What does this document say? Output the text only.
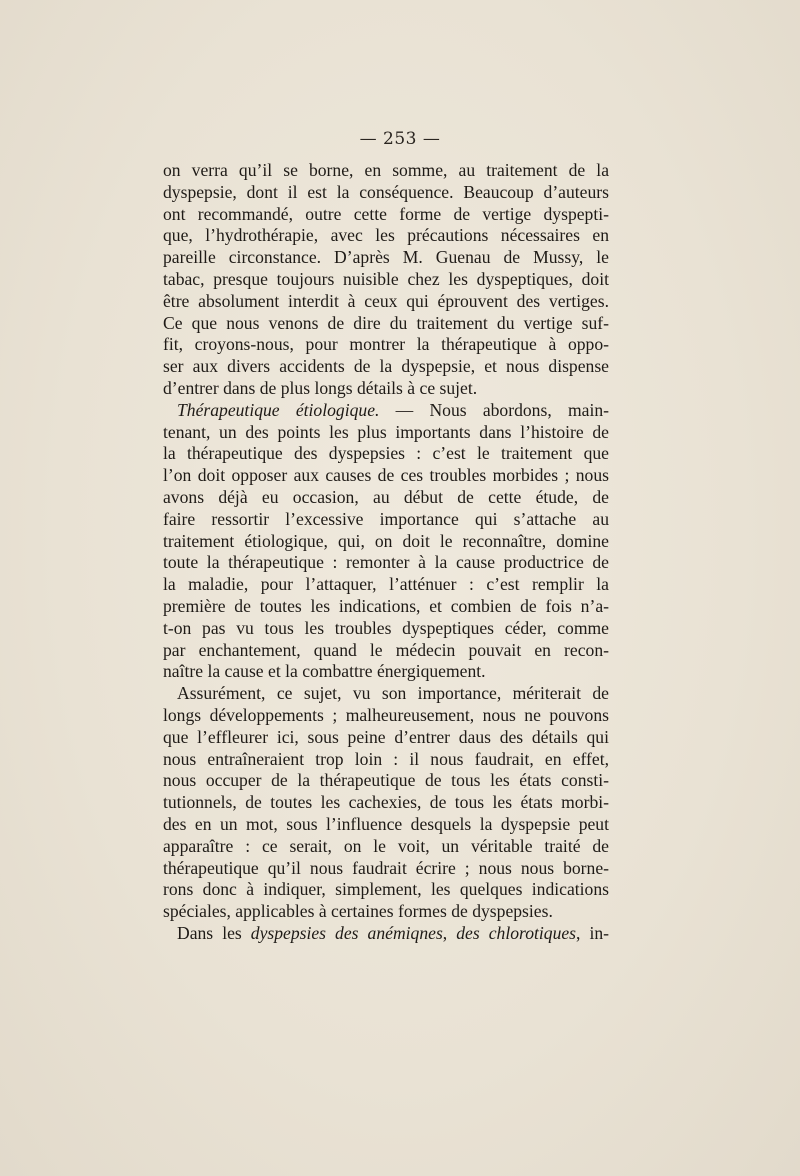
— 253 —
on verra qu’il se borne, en somme, au traitement de la
dyspepsie, dont il est la conséquence. Beaucoup d’auteurs
ont recommandé, outre cette forme de vertige dyspepti-
que, l’hydrothérapie, avec les précautions nécessaires en
pareille circonstance. D’après M. Guenau de Mussy, le
tabac, presque toujours nuisible chez les dyspeptiques, doit
être absolument interdit à ceux qui éprouvent des vertiges.
Ce que nous venons de dire du traitement du vertige suf-
fit, croyons-nous, pour montrer la thérapeutique à oppo-
ser aux divers accidents de la dyspepsie, et nous dispense
d’entrer dans de plus longs détails à ce sujet.
Thérapeutique étiologique. — Nous abordons, main-
tenant, un des points les plus importants dans l’histoire de
la thérapeutique des dyspepsies : c’est le traitement que
l’on doit opposer aux causes de ces troubles morbides ; nous
avons déjà eu occasion, au début de cette étude, de
faire ressortir l’excessive importance qui s’attache au
traitement étiologique, qui, on doit le reconnaître, domine
toute la thérapeutique : remonter à la cause productrice de
la maladie, pour l’attaquer, l’atténuer : c’est remplir la
première de toutes les indications, et combien de fois n’a-
t-on pas vu tous les troubles dyspeptiques céder, comme
par enchantement, quand le médecin pouvait en recon-
naître la cause et la combattre énergiquement.
Assurément, ce sujet, vu son importance, mériterait de
longs développements ; malheureusement, nous ne pouvons
que l’effleurer ici, sous peine d’entrer daus des détails qui
nous entraîneraient trop loin : il nous faudrait, en effet,
nous occuper de la thérapeutique de tous les états consti-
tutionnels, de toutes les cachexies, de tous les états morbi-
des en un mot, sous l’influence desquels la dyspepsie peut
apparaître : ce serait, on le voit, un véritable traité de
thérapeutique qu’il nous faudrait écrire ; nous nous borne-
rons donc à indiquer, simplement, les quelques indications
spéciales, applicables à certaines formes de dyspepsies.
Dans les dyspepsies des anémiqnes, des chlorotiques, in-
